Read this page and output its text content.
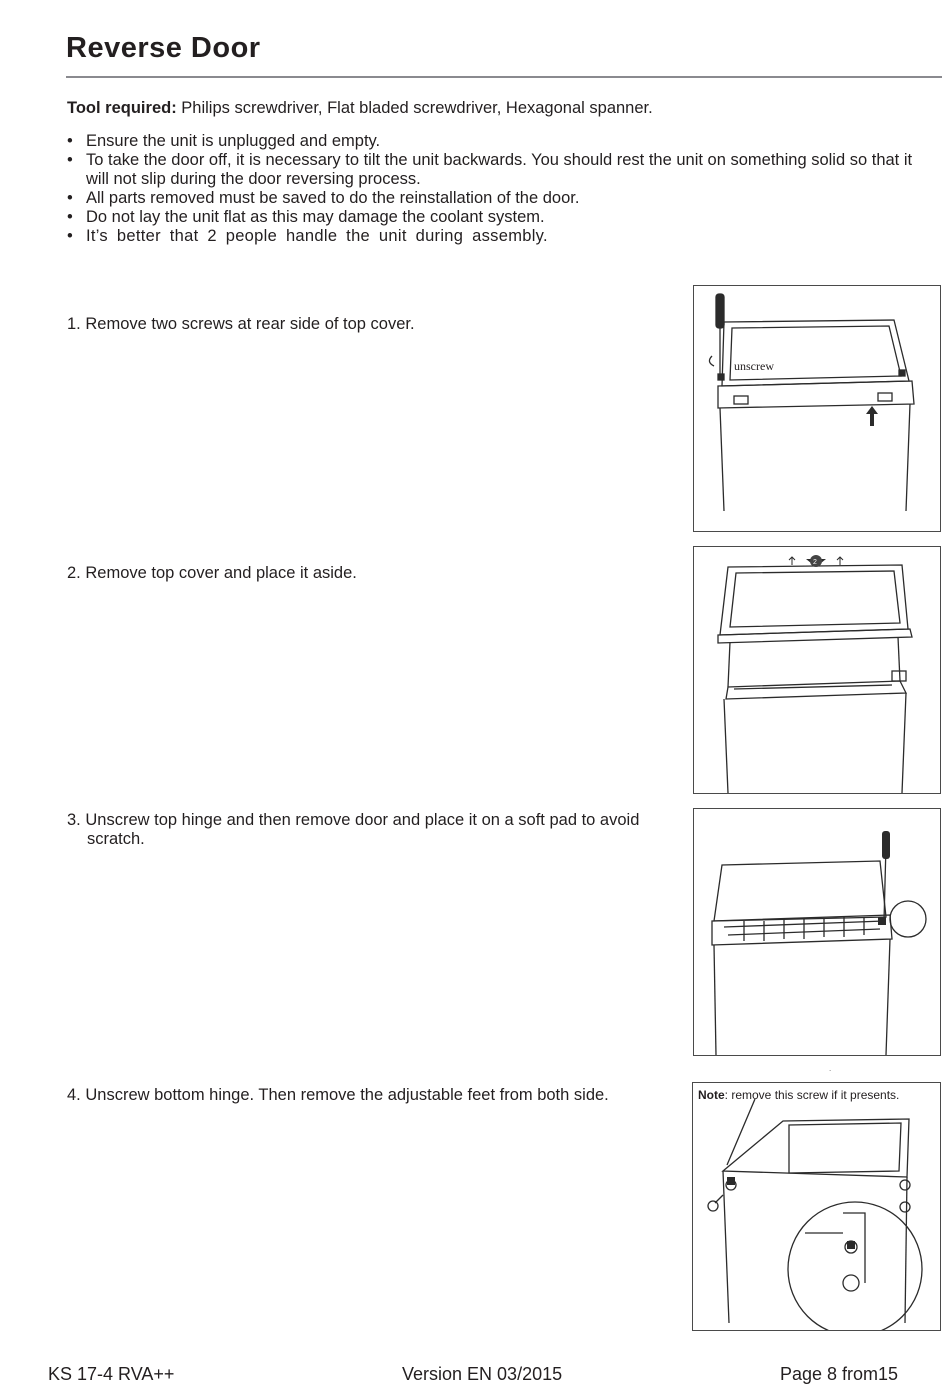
Reverse Door
Tool required: Philips screwdriver, Flat bladed screwdriver, Hexagonal spanner.
• Ensure the unit is unplugged and empty.
• To take the door off, it is necessary to tilt the unit backwards. You should rest the unit on something solid so that it will not slip during the door reversing process.
• All parts removed must be saved to do the reinstallation of the door.
• Do not lay the unit flat as this may damage the coolant system.
• It’s better that 2 people handle the unit during assembly.
1. Remove two screws at rear side of top cover.
unscrew
2. Remove top cover and place it aside.
2
3. Unscrew top hinge and then remove door and place it on a soft pad to avoid scratch.
.
4. Unscrew bottom hinge. Then remove the adjustable feet from both side.	Note: remove this screw if it presents.
KS 17-4 RVA++	Version EN 03/2015	Page 8 from15
